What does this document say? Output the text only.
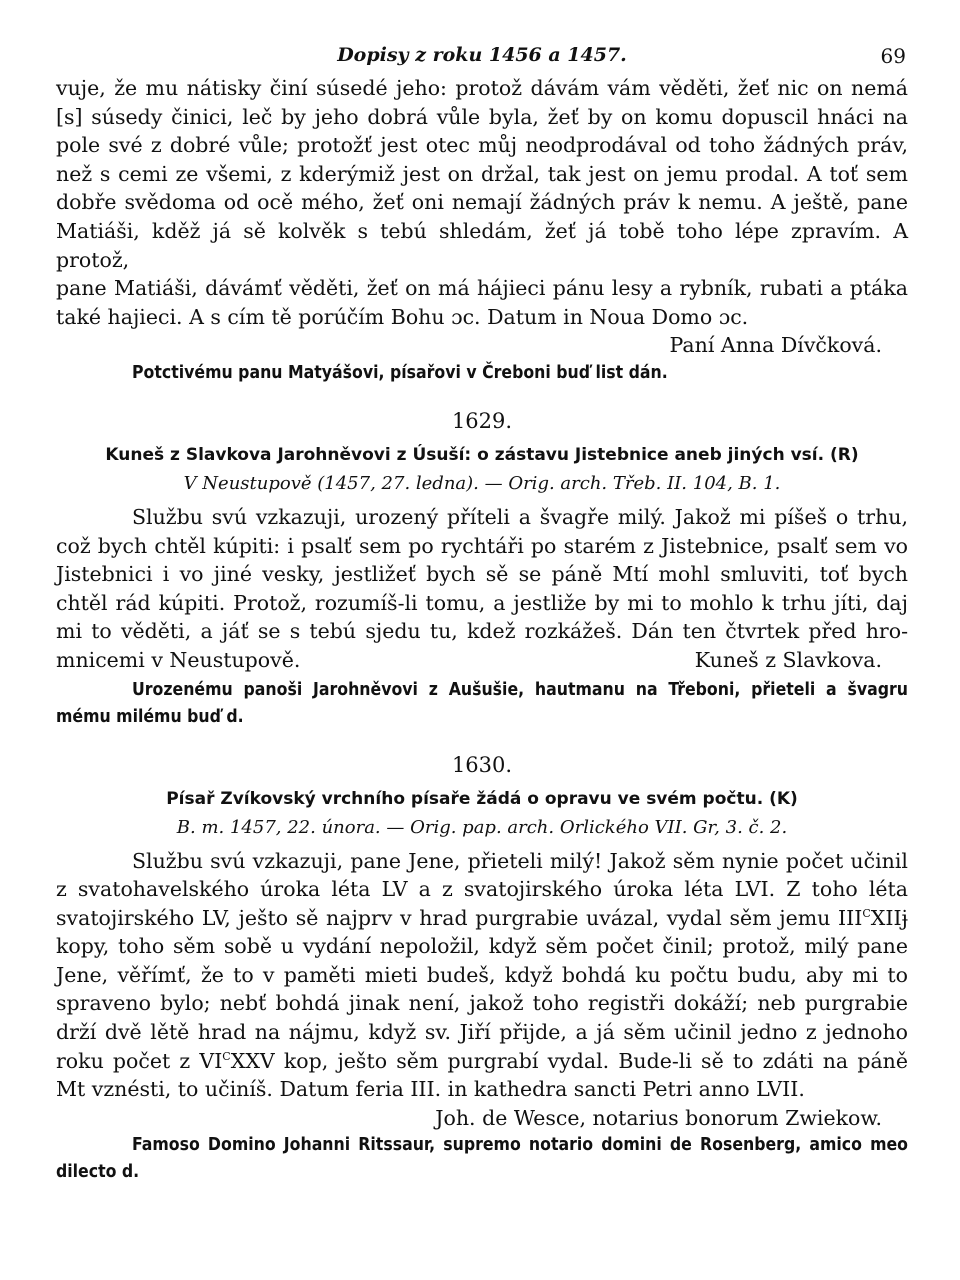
Dopisy z roku 1456 a 1457.	69

vuje, že mu nátisky činí súsedé jeho: protož dávám vám věděti, žeť nic on nemá
[s] súsedy činici, leč by jeho dobrá vůle byla, žeť by on komu dopuscil hnáci na
pole své z dobré vůle; protožť jest otec můj neodprodával od toho žádných práv,
než s cemi ze všemi, z kderýmiž jest on držal, tak jest on jemu prodal. A toť sem
dobře svědoma od ocě mého, žeť oni nemají žádných práv k nemu. A ještě, pane
Matiáši, kděž já sě kolvěk s tebú shledám, žeť já tobě toho lépe zpravím. A protož,
pane Matiáši, dávámť věděti, žeť on má hájieci pánu lesy a rybník, rubati a ptáka
také hajieci. A s cím tě porúčím Bohu ɔc. Datum in Noua Domo ɔc.

Paní Anna Dívčková.

Potctivému panu Matyášovi, písařovi v Čreboni buď list dán.
1629.
Kuneš z Slavkova Jarohněvovi z Úsuší: o zástavu Jistebnice aneb jiných vsí. (R)
V Neustupově (1457, 27. ledna). — Orig. arch. Třeb. II. 104, B. 1.

Službu svú vzkazuji, urozený příteli a švagře milý. Jakož mi píšeš o trhu,
což bych chtěl kúpiti: i psalť sem po rychtáři po starém z Jistebnice, psalť sem vo
Jistebnici i vo jiné vesky, jestližeť bych sě se páně Mtí mohl smluviti, toť bych
chtěl rád kúpiti. Protož, rozumíš-li tomu, a jestliže by mi to mohlo k trhu jíti, daj
mi to věděti, a jáť se s tebú sjedu tu, kdež rozkážeš. Dán ten čtvrtek před hro-

mnicemi v Neustupově.	Kuneš z Slavkova.
Urozenému panoši Jarohněvovi z Aušušie, hautmanu na Třeboni, přieteli a švagru
mému milému buď d.
1630.
Písař Zvíkovský vrchního písaře žádá o opravu ve svém počtu. (K)
B. m. 1457, 22. února. — Orig. pap. arch. Orlického VII. Gr, 3. č. 2.

Službu svú vzkazuji, pane Jene, přieteli milý! Jakož sěm nynie počet učinil
z svatohavelského úroka léta LV a z svatojirského úroka léta LVI. Z toho léta
svatojirského LV, ješto sě najprv v hrad purgrabie uvázal, vydal sěm jemu $III^CXIIɉ$
kopy, toho sěm sobě u vydání nepoložil, když sěm počet činil; protož, milý pane
Jene, věřímť, že to v paměti mieti budeš, když bohdá ku počtu budu, aby mi to
spraveno bylo; nebť bohdá jinak není, jakož toho registři dokáží; neb purgrabie
drží dvě lětě hrad na nájmu, když sv. Jiří přijde, a já sěm učinil jedno z jednoho
roku počet z $VI^CXXV$ kop, ješto sěm purgrabí vydal. Bude-li sě to zdáti na páně
Mt vznésti, to učiníš. Datum feria III. in kathedra sancti Petri anno LVII.

Joh. de Wesce, notarius bonorum Zwiekow.

Famoso Domino Johanni Ritssaur, supremo notario domini de Rosenberg, amico meo
dilecto d.
